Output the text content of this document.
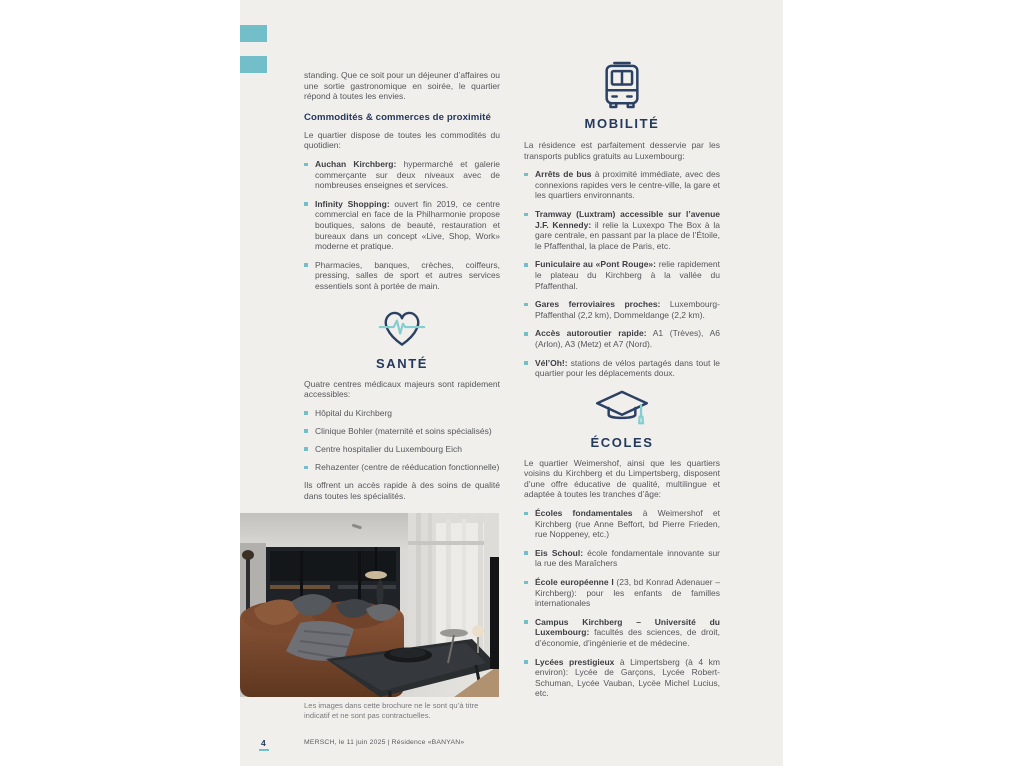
standing. Que ce soit pour un déjeuner d’affaires ou une sortie gastronomique en soirée, le quartier répond à toutes les envies.

Commodités & commerces de proximité

Le quartier dispose de toutes les commodités du quotidien:

Auchan Kirchberg: hypermarché et galerie commerçante sur deux niveaux avec de nombreuses enseignes et services.
Infinity Shopping: ouvert fin 2019, ce centre commercial en face de la Philharmonie propose boutiques, salons de beauté, restauration et bureaux dans un concept «Live, Shop, Work» moderne et pratique.
Pharmacies, banques, crèches, coiffeurs, pressing, salles de sport et autres services essentiels sont à portée de main.
SANTÉ

Quatre centres médicaux majeurs sont rapidement accessibles:

Hôpital du Kirchberg
Clinique Bohler (maternité et soins spécialisés)
Centre hospitalier du Luxembourg Eich
Rehazenter (centre de rééducation fonctionnelle)

Ils offrent un accès rapide à des soins de qualité dans toutes les spécialités.

Les images dans cette brochure ne le sont qu’à titre indicatif et ne sont pas contractuelles.

MOBILITÉ

La résidence est parfaitement desservie par les transports publics gratuits au Luxembourg:

Arrêts de bus à proximité immédiate, avec des connexions rapides vers le centre-ville, la gare et les quartiers environnants.
Tramway (Luxtram) accessible sur l’avenue J.F. Kennedy: il relie la Luxexpo The Box à la gare centrale, en passant par la place de l’Étoile, le Pfaffenthal, la place de Paris, etc.
Funiculaire au «Pont Rouge»: relie rapidement le plateau du Kirchberg à la vallée du Pfaffenthal.
Gares ferroviaires proches: Luxembourg-Pfaffenthal (2,2 km), Dommeldange (2,2 km).
Accès autoroutier rapide: A1 (Trèves), A6 (Arlon), A3 (Metz) et A7 (Nord).
Vél’Oh!: stations de vélos partagés dans tout le quartier pour les déplacements doux.
ÉCOLES

Le quartier Weimershof, ainsi que les quartiers voisins du Kirchberg et du Limpertsberg, disposent d’une offre éducative de qualité, multilingue et adaptée à toutes les tranches d’âge:

Écoles fondamentales à Weimershof et Kirchberg (rue Anne Beffort, bd Pierre Frieden, rue Noppeney, etc.)
Eis Schoul: école fondamentale innovante sur la rue des Maraîchers
École européenne I (23, bd Konrad Adenauer – Kirchberg): pour les enfants de familles internationales
Campus Kirchberg – Université du Luxembourg: facultés des sciences, de droit, d’économie, d’ingénierie et de médecine.
Lycées prestigieux à Limpertsberg (à 4 km environ): Lycée de Garçons, Lycée Robert-Schuman, Lycée Vauban, Lycée Michel Lucius, etc.
4	MERSCH, le 11 juin 2025 | Résidence «BANYAN»
